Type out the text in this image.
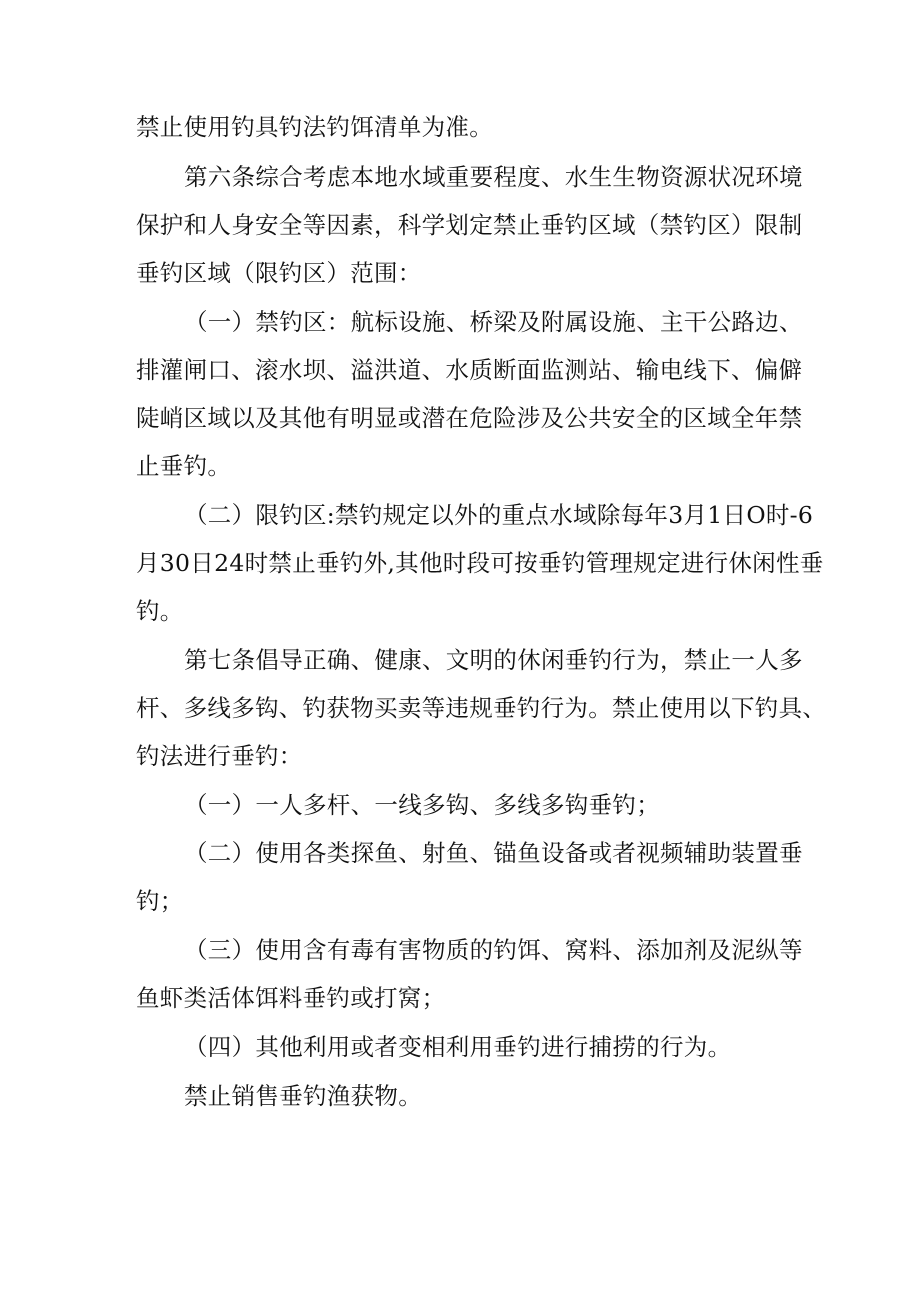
禁止使用钓具钓法钓饵清单为准。
第六条综合考虑本地水域重要程度、水生生物资源状况环境
保护和人身安全等因素，科学划定禁止垂钓区域（禁钓区）限制
垂钓区域（限钓区）范围：
（一）禁钓区：航标设施、桥梁及附属设施、主干公路边、
排灌闸口、滚水坝、溢洪道、水质断面监测站、输电线下、偏僻
陡峭区域以及其他有明显或潜在危险涉及公共安全的区域全年禁
止垂钓。
（二）限钓区:禁钓规定以外的重点水域除每年3月1日O时-6
月30日24时禁止垂钓外,其他时段可按垂钓管理规定进行休闲性垂
钓。
第七条倡导正确、健康、文明的休闲垂钓行为，禁止一人多
杆、多线多钩、钓获物买卖等违规垂钓行为。禁止使用以下钓具、
钓法进行垂钓：
（一）一人多杆、一线多钩、多线多钩垂钓；
（二）使用各类探鱼、射鱼、锚鱼设备或者视频辅助装置垂
钓；
（三）使用含有毒有害物质的钓饵、窝料、添加剂及泥纵等
鱼虾类活体饵料垂钓或打窝；
（四）其他利用或者变相利用垂钓进行捕捞的行为。
禁止销售垂钓渔获物。
